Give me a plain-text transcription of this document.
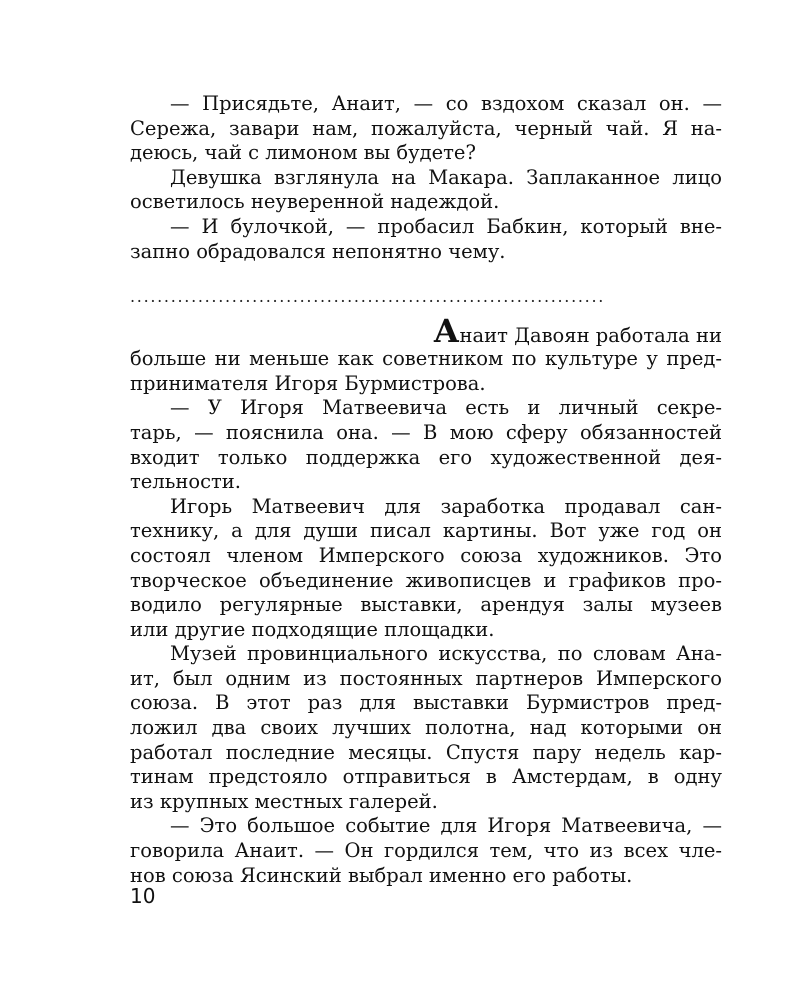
— Присядьте, Анаит, — со вздохом сказал он. —
Сережа, завари нам, пожалуйста, черный чай. Я на-
деюсь, чай с лимоном вы будете?
Девушка взглянула на Макара. Заплаканное лицо
осветилось неуверенной надеждой.
— И булочкой, — пробасил Бабкин, который вне-
запно обрадовался непонятно чему.
......................................................................
Анаит Давоян работала ни
больше ни меньше как советником по культуре у пред-
принимателя Игоря Бурмистрова.
— У Игоря Матвеевича есть и личный секре-
тарь, — пояснила она. — В мою сферу обязанностей
входит только поддержка его художественной дея-
тельности.
Игорь Матвеевич для заработка продавал сан-
технику, а для души писал картины. Вот уже год он
состоял членом Имперского союза художников. Это
творческое объединение живописцев и графиков про-
водило регулярные выставки, арендуя залы музеев
или другие подходящие площадки.
Музей провинциального искусства, по словам Ана-
ит, был одним из постоянных партнеров Имперского
союза. В этот раз для выставки Бурмистров пред-
ложил два своих лучших полотна, над которыми он
работал последние месяцы. Спустя пару недель кар-
тинам предстояло отправиться в Амстердам, в одну
из крупных местных галерей.
— Это большое событие для Игоря Матвеевича, —
говорила Анаит. — Он гордился тем, что из всех чле-
нов союза Ясинский выбрал именно его работы.
10
